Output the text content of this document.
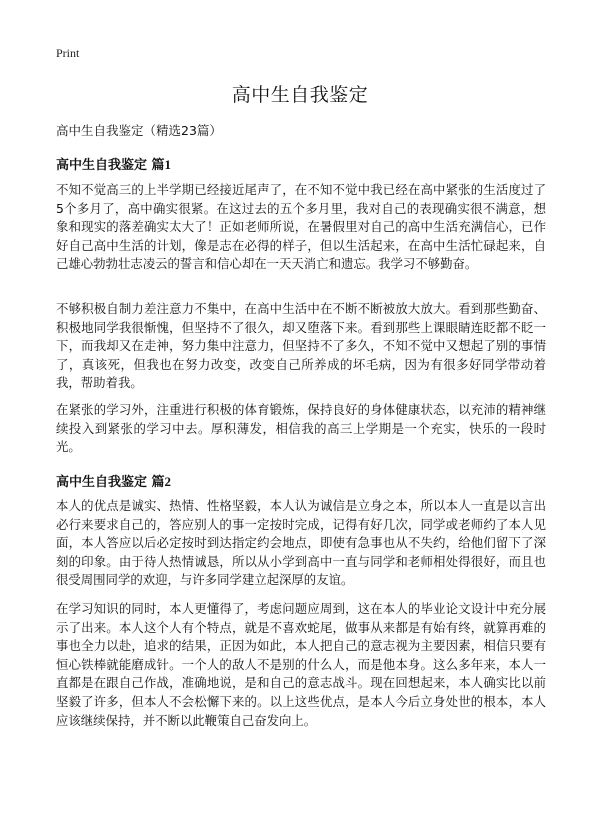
Print
高中生自我鉴定
高中生自我鉴定（精选23篇）
高中生自我鉴定 篇1

不知不觉高三的上半学期已经接近尾声了，在不知不觉中我已经在高中紧张的生活度过了5个多月了，高中确实很紧。在这过去的五个多月里，我对自己的表现确实很不满意，想象和现实的落差确实太大了！正如老师所说，在暑假里对自己的高中生活充满信心，已作好自己高中生活的计划，像是志在必得的样子，但以生活起来，在高中生活忙碌起来，自己雄心勃勃壮志凌云的誓言和信心却在一天天消亡和遗忘。我学习不够勤奋。

不够积极自制力差注意力不集中，在高中生活中在不断不断被放大放大。看到那些勤奋、积极地同学我很惭愧，但坚持不了很久，却又堕落下来。看到那些上课眼睛连眨都不眨一下，而我却又在走神，努力集中注意力，但坚持不了多久，不知不觉中又想起了别的事情了，真该死，但我也在努力改变，改变自己所养成的坏毛病，因为有很多好同学带动着我，帮助着我。

在紧张的学习外，注重进行积极的体育锻炼，保持良好的身体健康状态，以充沛的精神继续投入到紧张的学习中去。厚积薄发，相信我的高三上学期是一个充实，快乐的一段时光。

高中生自我鉴定 篇2

本人的优点是诚实、热情、性格坚毅，本人认为诚信是立身之本，所以本人一直是以言出必行来要求自己的，答应别人的事一定按时完成，记得有好几次，同学或老师约了本人见面，本人答应以后必定按时到达指定约会地点，即使有急事也从不失约，给他们留下了深刻的印象。由于待人热情诚恳，所以从小学到高中一直与同学和老师相处得很好，而且也很受周围同学的欢迎，与许多同学建立起深厚的友谊。

在学习知识的同时，本人更懂得了，考虑问题应周到，这在本人的毕业论文设计中充分展示了出来。本人这个人有个特点，就是不喜欢蛇尾，做事从来都是有始有终，就算再难的事也全力以赴，追求的结果，正因为如此，本人把自己的意志视为主要因素，相信只要有恒心铁棒就能磨成针。一个人的敌人不是别的什么人，而是他本身。这么多年来，本人一直都是在跟自己作战，准确地说，是和自己的意志战斗。现在回想起来，本人确实比以前坚毅了许多，但本人不会松懈下来的。以上这些优点，是本人今后立身处世的根本，本人应该继续保持，并不断以此鞭策自己奋发向上。
